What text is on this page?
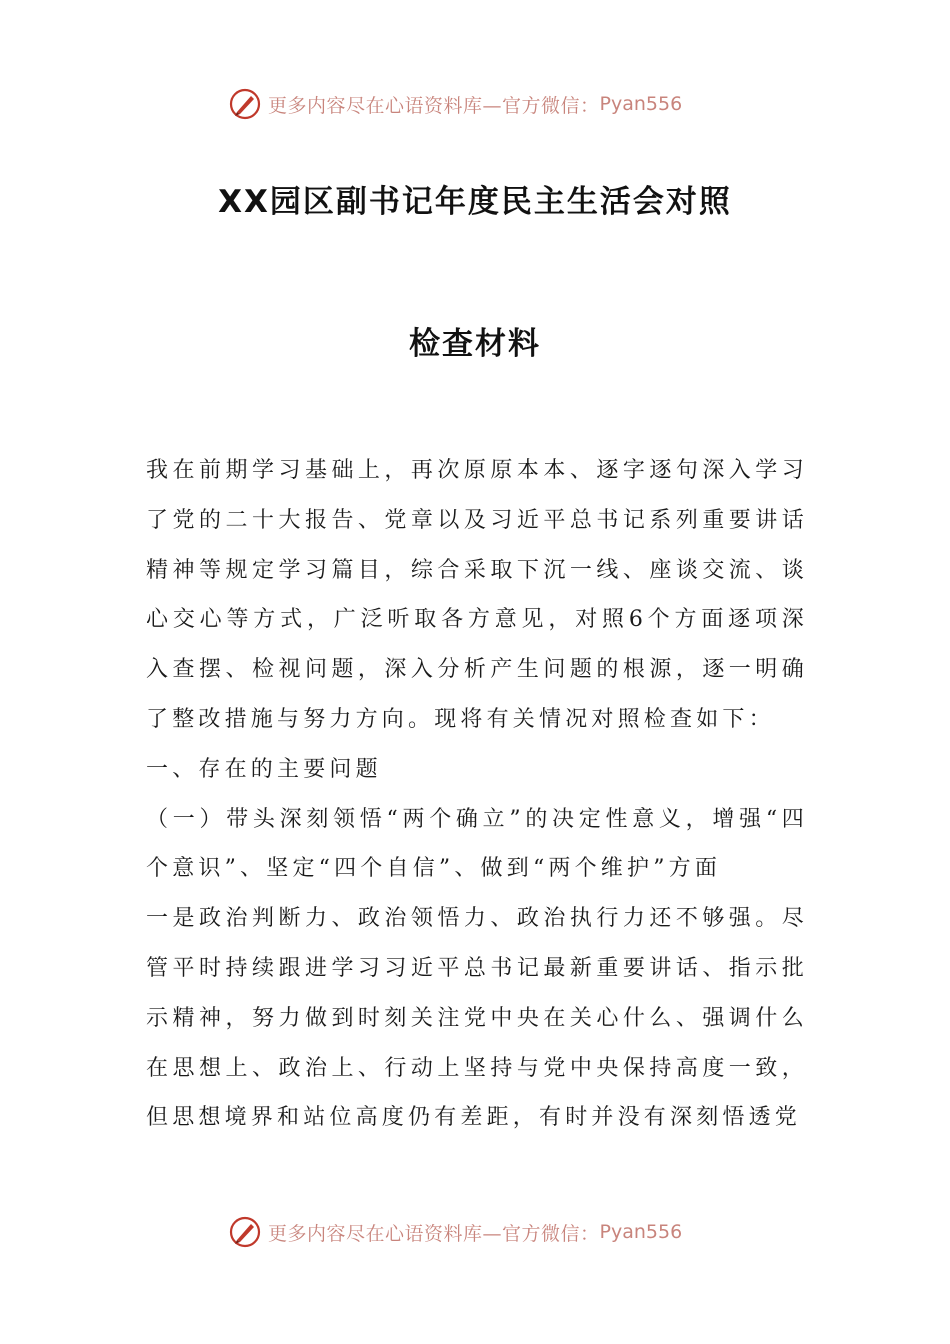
更多内容尽在心语资料库—官方微信： Pyan556
XX园区副书记年度民主生活会对照
检查材料

我在前期学习基础上，再次原原本本、逐字逐句深入学习了党的二十大报告、党章以及习近平总书记系列重要讲话精神等规定学习篇目，综合采取下沉一线、座谈交流、谈心交心等方式，广泛听取各方意见，对照6个方面逐项深入查摆、检视问题，深入分析产生问题的根源，逐一明确了整改措施与努力方向。现将有关情况对照检查如下：

一、存在的主要问题

（一）带头深刻领悟“两个确立”的决定性意义，增强“四个意识”、坚定“四个自信”、做到“两个维护”方面

一是政治判断力、政治领悟力、政治执行力还不够强。尽管平时持续跟进学习习近平总书记最新重要讲话、指示批示精神，努力做到时刻关注党中央在关心什么、强调什么在思想上、政治上、行动上坚持与党中央保持高度一致，但思想境界和站位高度仍有差距，有时并没有深刻悟透党

更多内容尽在心语资料库—官方微信： Pyan556
